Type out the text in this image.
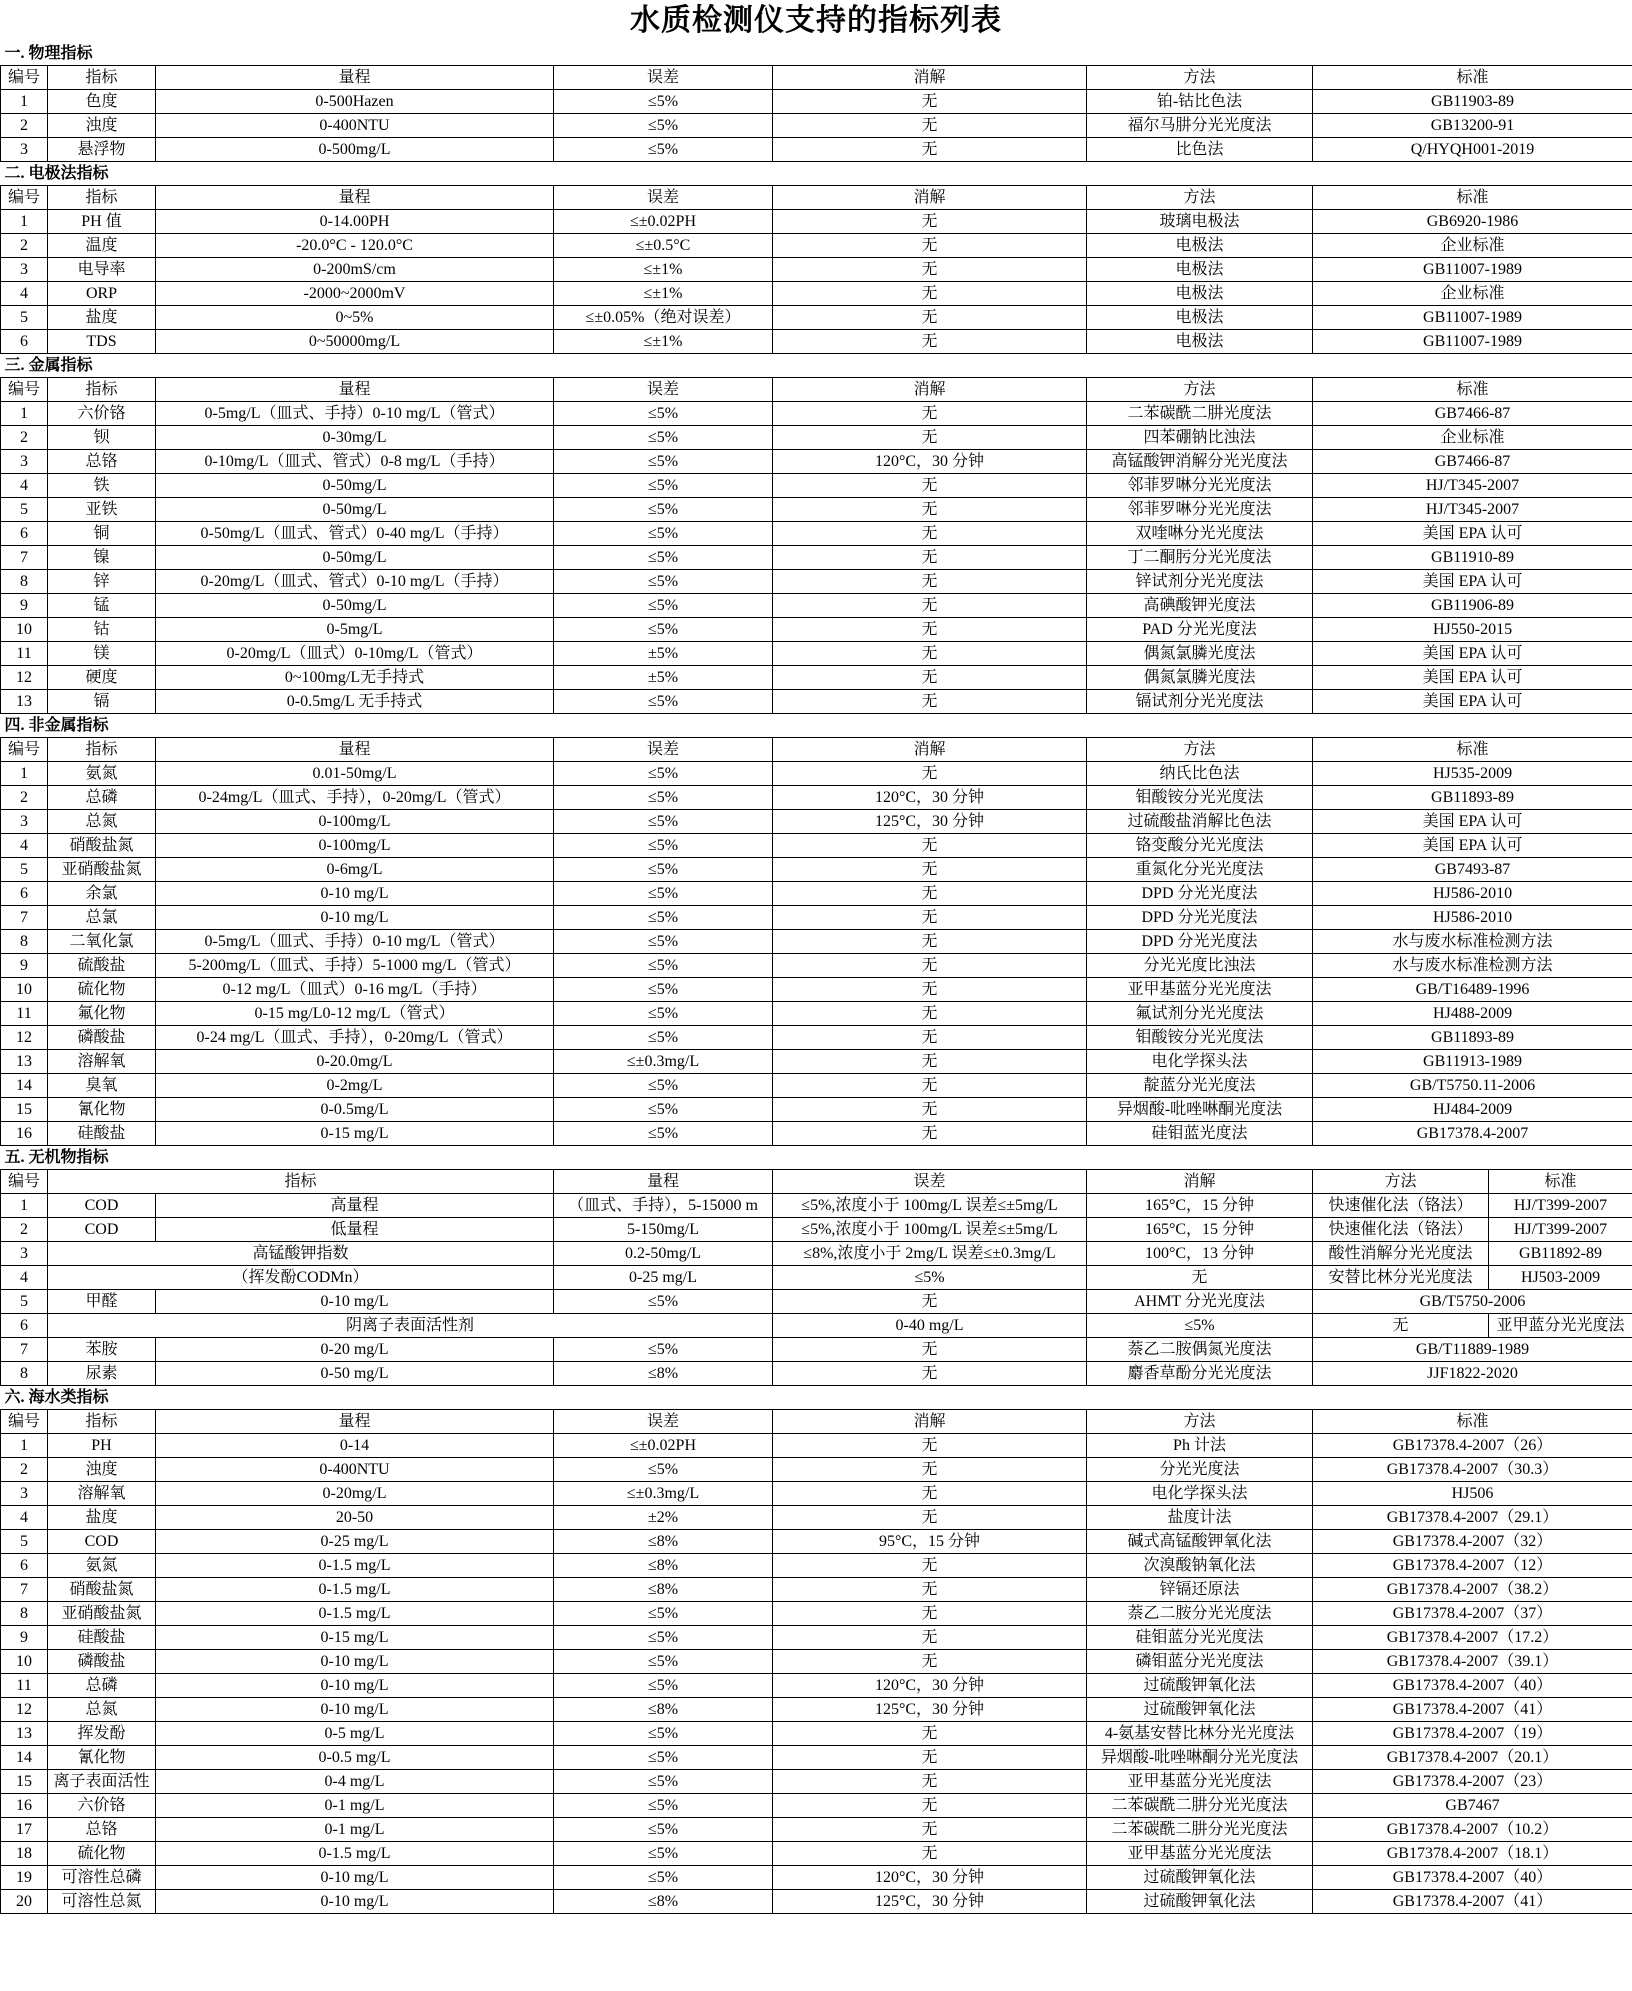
水质检测仪支持的指标列表
一. 物理指标								
编号	指标	量程	误差	消解	方法	标准		
1	色度	0-500Hazen	≤5%	无	铂-钴比色法	GB11903-89		
2	浊度	0-400NTU	≤5%	无	福尔马肼分光光度法	GB13200-91		
3	悬浮物	0-500mg/L	≤5%	无	比色法	Q/HYQH001-2019		
二. 电极法指标								
编号	指标	量程	误差	消解	方法	标准		
1	PH 值	0-14.00PH	≤±0.02PH	无	玻璃电极法	GB6920-1986		
2	温度	-20.0°C - 120.0°C	≤±0.5°C	无	电极法	企业标准		
3	电导率	0-200mS/cm	≤±1%	无	电极法	GB11007-1989		
4	ORP	-2000~2000mV	≤±1%	无	电极法	企业标准		
5	盐度	0~5%	≤±0.05%（绝对误差）	无	电极法	GB11007-1989		
6	TDS	0~50000mg/L	≤±1%	无	电极法	GB11007-1989		
三. 金属指标								
编号	指标	量程	误差	消解	方法	标准		
1	六价铬	0-5mg/L（皿式、手持）0-10 mg/L（管式）	≤5%	无	二苯碳酰二肼光度法	GB7466-87		
2	钡	0-30mg/L	≤5%	无	四苯硼钠比浊法	企业标准		
3	总铬	0-10mg/L（皿式、管式）0-8 mg/L（手持）	≤5%	120°C，30 分钟	高锰酸钾消解分光光度法	GB7466-87		
4	铁	0-50mg/L	≤5%	无	邻菲罗啉分光光度法	HJ/T345-2007		
5	亚铁	0-50mg/L	≤5%	无	邻菲罗啉分光光度法	HJ/T345-2007		
6	铜	0-50mg/L（皿式、管式）0-40 mg/L（手持）	≤5%	无	双喹啉分光光度法	美国 EPA 认可		
7	镍	0-50mg/L	≤5%	无	丁二酮肟分光光度法	GB11910-89		
8	锌	0-20mg/L（皿式、管式）0-10 mg/L（手持）	≤5%	无	锌试剂分光光度法	美国 EPA 认可		
9	锰	0-50mg/L	≤5%	无	高碘酸钾光度法	GB11906-89		
10	钴	0-5mg/L	≤5%	无	PAD 分光光度法	HJ550-2015		
11	镁	0-20mg/L（皿式）0-10mg/L（管式）	±5%	无	偶氮氯膦光度法	美国 EPA 认可		
12	硬度	0~100mg/L无手持式	±5%	无	偶氮氯膦光度法	美国 EPA 认可		
13	镉	0-0.5mg/L 无手持式	≤5%	无	镉试剂分光光度法	美国 EPA 认可		
四. 非金属指标								
编号	指标	量程	误差	消解	方法	标准		
1	氨氮	0.01-50mg/L	≤5%	无	纳氏比色法	HJ535-2009		
2	总磷	0-24mg/L（皿式、手持），0-20mg/L（管式）	≤5%	120°C，30 分钟	钼酸铵分光光度法	GB11893-89		
3	总氮	0-100mg/L	≤5%	125°C，30 分钟	过硫酸盐消解比色法	美国 EPA 认可		
4	硝酸盐氮	0-100mg/L	≤5%	无	铬变酸分光光度法	美国 EPA 认可		
5	亚硝酸盐氮	0-6mg/L	≤5%	无	重氮化分光光度法	GB7493-87		
6	余氯	0-10 mg/L	≤5%	无	DPD 分光光度法	HJ586-2010		
7	总氯	0-10 mg/L	≤5%	无	DPD 分光光度法	HJ586-2010		
8	二氧化氯	0-5mg/L（皿式、手持）0-10 mg/L（管式）	≤5%	无	DPD 分光光度法	水与废水标准检测方法		
9	硫酸盐	5-200mg/L（皿式、手持）5-1000 mg/L（管式）	≤5%	无	分光光度比浊法	水与废水标准检测方法		
10	硫化物	0-12 mg/L（皿式）0-16 mg/L（手持）	≤5%	无	亚甲基蓝分光光度法	GB/T16489-1996		
11	氟化物	0-15 mg/L0-12 mg/L（管式）	≤5%	无	氟试剂分光光度法	HJ488-2009		
12	磷酸盐	0-24 mg/L（皿式、手持），0-20mg/L（管式）	≤5%	无	钼酸铵分光光度法	GB11893-89		
13	溶解氧	0-20.0mg/L	≤±0.3mg/L	无	电化学探头法	GB11913-1989		
14	臭氧	0-2mg/L	≤5%	无	靛蓝分光光度法	GB/T5750.11-2006		
15	氰化物	0-0.5mg/L	≤5%	无	异烟酸-吡唑啉酮光度法	HJ484-2009		
16	硅酸盐	0-15 mg/L	≤5%	无	硅钼蓝光度法	GB17378.4-2007		
五. 无机物指标								
编号	指标		量程	误差	消解	方法	标准	
1	COD	高量程	（皿式、手持），5-15000 m	≤5%,浓度小于 100mg/L 误差≤±5mg/L	165°C，15 分钟	快速催化法（铬法）	HJ/T399-2007	
2	COD	低量程	5-150mg/L	≤5%,浓度小于 100mg/L 误差≤±5mg/L	165°C，15 分钟	快速催化法（铬法）	HJ/T399-2007	
3	高锰酸钾指数		0.2-50mg/L	≤8%,浓度小于 2mg/L 误差≤±0.3mg/L	100°C，13 分钟	酸性消解分光光度法	GB11892-89	
4	（挥发酚CODMn）		0-25 mg/L	≤5%	无	安替比林分光光度法	HJ503-2009	
5	甲醛	0-10 mg/L	≤5%	无	AHMT 分光光度法	GB/T5750-2006		
6	阴离子表面活性剂			0-40 mg/L	≤5%	无	亚甲蓝分光光度法	
7	苯胺	0-20 mg/L	≤5%	无	萘乙二胺偶氮光度法	GB/T11889-1989		
8	尿素	0-50 mg/L	≤8%	无	麝香草酚分光光度法	JJF1822-2020		
六. 海水类指标								
编号	指标	量程	误差	消解	方法	标准		
1	PH	0-14	≤±0.02PH	无	Ph 计法	GB17378.4-2007（26）		
2	浊度	0-400NTU	≤5%	无	分光光度法	GB17378.4-2007（30.3）		
3	溶解氧	0-20mg/L	≤±0.3mg/L	无	电化学探头法	HJ506		
4	盐度	20-50	±2%	无	盐度计法	GB17378.4-2007（29.1）		
5	COD	0-25 mg/L	≤8%	95°C，15 分钟	碱式高锰酸钾氧化法	GB17378.4-2007（32）		
6	氨氮	0-1.5 mg/L	≤8%	无	次溴酸钠氧化法	GB17378.4-2007（12）		
7	硝酸盐氮	0-1.5 mg/L	≤8%	无	锌镉还原法	GB17378.4-2007（38.2）		
8	亚硝酸盐氮	0-1.5 mg/L	≤5%	无	萘乙二胺分光光度法	GB17378.4-2007（37）		
9	硅酸盐	0-15 mg/L	≤5%	无	硅钼蓝分光光度法	GB17378.4-2007（17.2）		
10	磷酸盐	0-10 mg/L	≤5%	无	磷钼蓝分光光度法	GB17378.4-2007（39.1）		
11	总磷	0-10 mg/L	≤5%	120°C，30 分钟	过硫酸钾氧化法	GB17378.4-2007（40）		
12	总氮	0-10 mg/L	≤8%	125°C，30 分钟	过硫酸钾氧化法	GB17378.4-2007（41）		
13	挥发酚	0-5 mg/L	≤5%	无	4-氨基安替比林分光光度法	GB17378.4-2007（19）		
14	氰化物	0-0.5 mg/L	≤5%	无	异烟酸-吡唑啉酮分光光度法	GB17378.4-2007（20.1）		
15	离子表面活性	0-4 mg/L	≤5%	无	亚甲基蓝分光光度法	GB17378.4-2007（23）		
16	六价铬	0-1 mg/L	≤5%	无	二苯碳酰二肼分光光度法	GB7467		
17	总铬	0-1 mg/L	≤5%	无	二苯碳酰二肼分光光度法	GB17378.4-2007（10.2）		
18	硫化物	0-1.5 mg/L	≤5%	无	亚甲基蓝分光光度法	GB17378.4-2007（18.1）		
19	可溶性总磷	0-10 mg/L	≤5%	120°C，30 分钟	过硫酸钾氧化法	GB17378.4-2007（40）		
20	可溶性总氮	0-10 mg/L	≤8%	125°C，30 分钟	过硫酸钾氧化法	GB17378.4-2007（41）		
